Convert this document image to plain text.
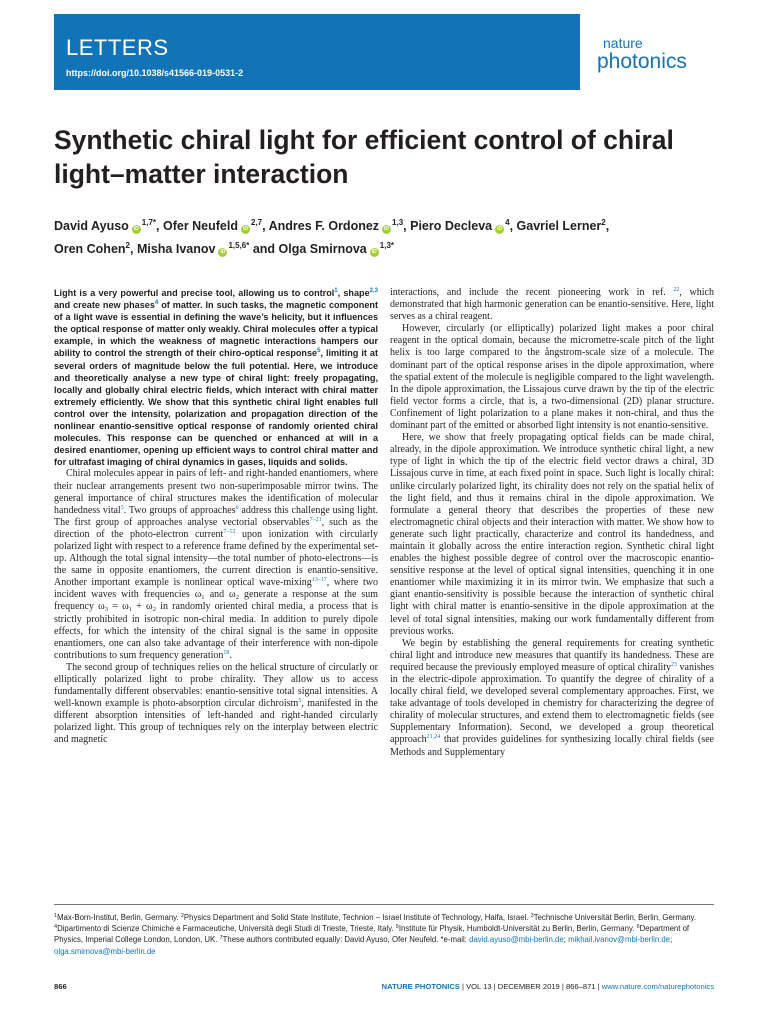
LETTERS
https://doi.org/10.1038/s41566-019-0531-2
nature
photonics
Synthetic chiral light for efficient control of chiral light–matter interaction
David Ayuso $iD^{1,7*}$, Ofer Neufeld iD$^{2,7}$, Andres F. Ordonez iD$^{1,3}$, Piero Decleva $iD^4$, Gavriel Lerner$^2$,
Oren Cohen$^2$, Misha Ivanov $iD^{1,5,6*}$ and Olga Smirnova $iD^{1,3*}$

Light is a very powerful and precise tool, allowing us to control$^1$, shape$^{2,3}$ and create new phases$^4$ of matter. In such tasks, the magnetic component of a light wave is essential in defining the wave’s helicity, but it influences the optical response of matter only weakly. Chiral molecules offer a typical example, in which the weakness of magnetic interactions hampers our ability to control the strength of their chiro-optical response$^5$, limiting it at several orders of magnitude below the full potential. Here, we introduce and theoretically analyse a new type of chiral light: freely propagating, locally and globally chiral electric fields, which interact with chiral matter extremely efficiently. We show that this synthetic chiral light enables full control over the intensity, polarization and propagation direction of the nonlinear enantio-sensitive optical response of randomly oriented chiral molecules. This response can be quenched or enhanced at will in a desired enantiomer, opening up efficient ways to control chiral matter and for ultrafast imaging of chiral dynamics in gases, liquids and solids.

Chiral molecules appear in pairs of left- and right-handed enantiomers, where their nuclear arrangements present two non-superimposable mirror twins. The general importance of chiral structures makes the identification of molecular handedness vital$^5$. Two groups of approaches$^6$ address this challenge using light. The first group of approaches analyse vectorial observables$^{7-21}$, such as the direction of the photo-electron current$^{7-12}$ upon ionization with circularly polarized light with respect to a reference frame defined by the experimental set-up. Although the total signal intensity—the total number of photo-electrons—is the same in opposite enantiomers, the current direction is enantio-sensitive. Another important example is nonlinear optical wave-mixing$^{13-17}$, where two incident waves with frequencies ω₁ and ω₂ generate a response at the sum frequency ω₃ = ω₁ + ω₂ in randomly oriented chiral media, a process that is strictly prohibited in isotropic non-chiral media. In addition to purely dipole effects, for which the intensity of the chiral signal is the same in opposite enantiomers, one can also take advantage of their interference with non-dipole contributions to sum frequency generation$^{18}$.

The second group of techniques relies on the helical structure of circularly or elliptically polarized light to probe chirality. They allow us to access fundamentally different observables: enantio-sensitive total signal intensities. A well-known example is photo-absorption circular dichroism$^5$, manifested in the different absorption intensities of left-handed and right-handed circularly polarized light. This group of techniques rely on the interplay between electric and magnetic

interactions, and include the recent pioneering work in ref. $^{22}$, which demonstrated that high harmonic generation can be enantio-sensitive. Here, light serves as a chiral reagent.

However, circularly (or elliptically) polarized light makes a poor chiral reagent in the optical domain, because the micrometre-scale pitch of the light helix is too large compared to the ångstrom-scale size of a molecule. The dominant part of the optical response arises in the dipole approximation, where the spatial extent of the molecule is negligible compared to the light wavelength. In the dipole approximation, the Lissajous curve drawn by the tip of the electric field vector forms a circle, that is, a two-dimensional (2D) planar structure. Confinement of light polarization to a plane makes it non-chiral, and thus the dominant part of the emitted or absorbed light intensity is not enantio-sensitive.

Here, we show that freely propagating optical fields can be made chiral, already, in the dipole approximation. We introduce synthetic chiral light, a new type of light in which the tip of the electric field vector draws a chiral, 3D Lissajous curve in time, at each fixed point in space. Such light is locally chiral: unlike circularly polarized light, its chirality does not rely on the spatial helix of the light field, and thus it remains chiral in the dipole approximation. We formulate a general theory that describes the properties of these new electromagnetic chiral objects and their interaction with matter. We show how to generate such light practically, characterize and control its handedness, and maintain it globally across the entire interaction region. Synthetic chiral light enables the highest possible degree of control over the macroscopic enantio-sensitive response at the level of optical signal intensities, quenching it in one enantiomer while maximizing it in its mirror twin. We emphasize that such a giant enantio-sensitivity is possible because the interaction of synthetic chiral light with chiral matter is enantio-sensitive in the dipole approximation at the level of total signal intensities, making our work fundamentally different from previous works.

We begin by establishing the general requirements for creating synthetic chiral light and introduce new measures that quantify its handedness. These are required because the previously employed measure of optical chirality$^{23}$ vanishes in the electric-dipole approximation. To quantify the degree of chirality of a locally chiral field, we developed several complementary approaches. First, we take advantage of tools developed in chemistry for characterizing the degree of chirality of molecular structures, and extend them to electromagnetic fields (see Supplementary Information). Second, we developed a group theoretical approach$^{21,24}$ that provides guidelines for synthesizing locally chiral fields (see Methods and Supplementary

$^1$Max-Born-Institut, Berlin, Germany. $^2$Physics Department and Solid State Institute, Technion – Israel Institute of Technology, Haifa, Israel. $^3$Technische Universität Berlin, Berlin, Germany. $^4$Dipartimento di Scienze Chimiche e Farmaceutiche, Università degli Studi di Trieste, Trieste, Italy. $^5$Institute für Physik, Humboldt-Universität zu Berlin, Berlin, Germany. $^6$Department of Physics, Imperial College London, London, UK. $^7$These authors contributed equally: David Ayuso, Ofer Neufeld. *e-mail: david.ayuso@mbi-berlin.de; mikhail.ivanov@mbi-berlin.de; olga.smirnova@mbi-berlin.de
866	NATURE PHOTONICS | VOL 13 | DECEMBER 2019 | 866–871 | www.nature.com/naturephotonics
